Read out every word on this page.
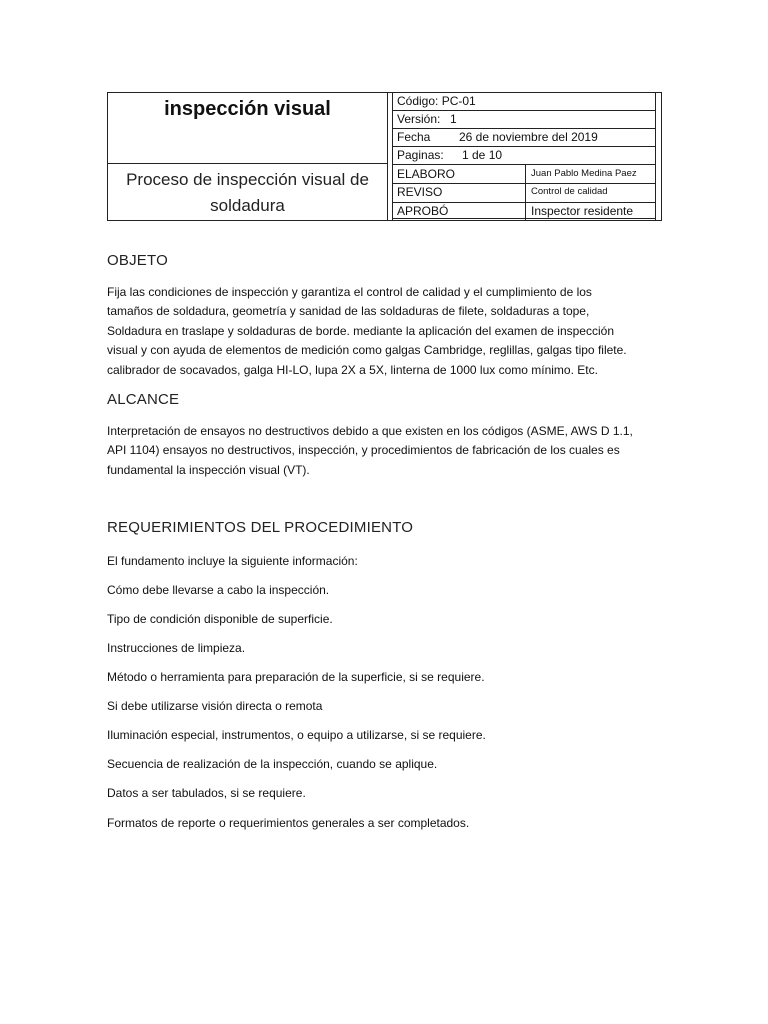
inspección visual
Proceso de inspección visual de soldadura
Código: PC-01
Versión: 1
Fecha 26 de noviembre del 2019
Paginas: 1 de 10
ELABORO	Juan Pablo Medina Paez
REVISO	Control de calidad
APROBÓ	Inspector residente
OBJETO
Fija las condiciones de inspección y garantiza el control de calidad y el cumplimiento de los
tamaños de soldadura, geometría y sanidad de las soldaduras de filete, soldaduras a tope,
Soldadura en traslape y soldaduras de borde. mediante la aplicación del examen de inspección
visual y con ayuda de elementos de medición como galgas Cambridge, reglillas, galgas tipo filete.
calibrador de socavados, galga HI-LO, lupa 2X a 5X, linterna de 1000 lux como mínimo. Etc.
ALCANCE
Interpretación de ensayos no destructivos debido a que existen en los códigos (ASME, AWS D 1.1,
API 1104) ensayos no destructivos, inspección, y procedimientos de fabricación de los cuales es
fundamental la inspección visual (VT).
REQUERIMIENTOS DEL PROCEDIMIENTO
El fundamento incluye la siguiente información:
Cómo debe llevarse a cabo la inspección.
Tipo de condición disponible de superficie.
Instrucciones de limpieza.
Método o herramienta para preparación de la superficie, si se requiere.
Si debe utilizarse visión directa o remota
Iluminación especial, instrumentos, o equipo a utilizarse, si se requiere.
Secuencia de realización de la inspección, cuando se aplique.
Datos a ser tabulados, si se requiere.
Formatos de reporte o requerimientos generales a ser completados.
